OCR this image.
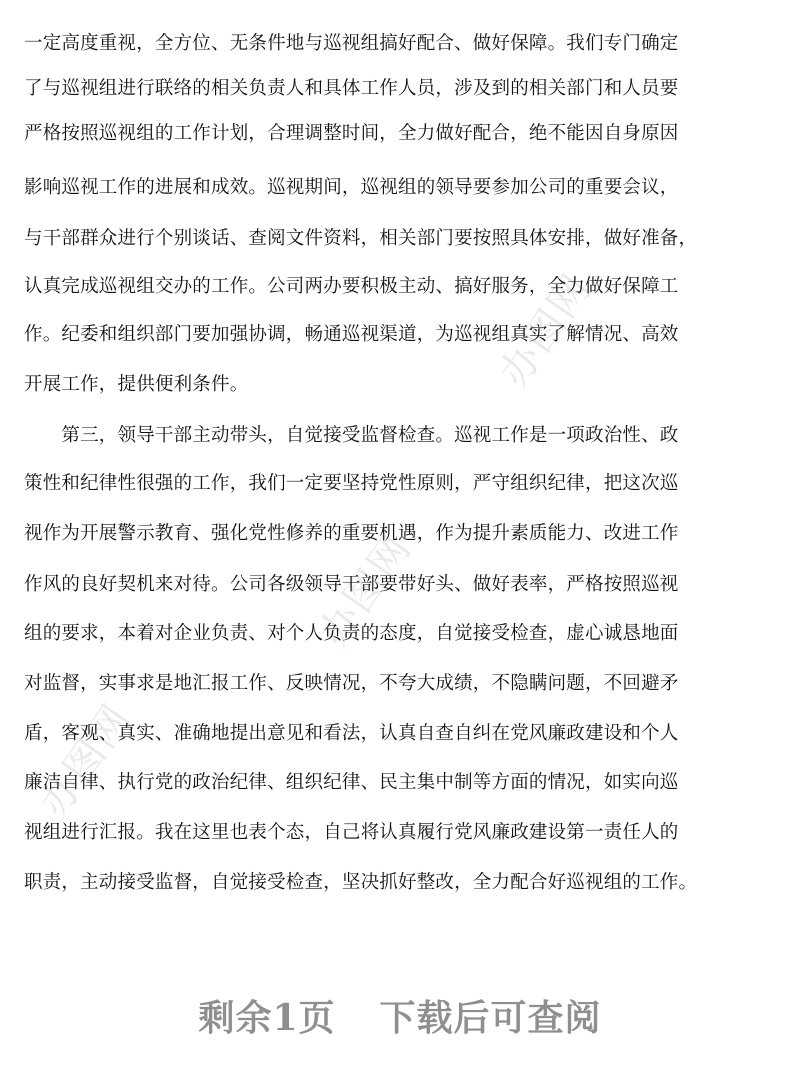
办图网
办图网
办图网
一定高度重视，全方位、无条件地与巡视组搞好配合、做好保障。我们专门确定
了与巡视组进行联络的相关负责人和具体工作人员，涉及到的相关部门和人员要
严格按照巡视组的工作计划，合理调整时间，全力做好配合，绝不能因自身原因
影响巡视工作的进展和成效。巡视期间，巡视组的领导要参加公司的重要会议，
与干部群众进行个别谈话、查阅文件资料，相关部门要按照具体安排，做好准备，
认真完成巡视组交办的工作。公司两办要积极主动、搞好服务，全力做好保障工
作。纪委和组织部门要加强协调，畅通巡视渠道，为巡视组真实了解情况、高效
开展工作，提供便利条件。
　　第三，领导干部主动带头，自觉接受监督检查。巡视工作是一项政治性、政
策性和纪律性很强的工作，我们一定要坚持党性原则，严守组织纪律，把这次巡
视作为开展警示教育、强化党性修养的重要机遇，作为提升素质能力、改进工作
作风的良好契机来对待。公司各级领导干部要带好头、做好表率，严格按照巡视
组的要求，本着对企业负责、对个人负责的态度，自觉接受检查，虚心诚恳地面
对监督，实事求是地汇报工作、反映情况，不夸大成绩，不隐瞒问题，不回避矛
盾，客观、真实、准确地提出意见和看法，认真自查自纠在党风廉政建设和个人
廉洁自律、执行党的政治纪律、组织纪律、民主集中制等方面的情况，如实向巡
视组进行汇报。我在这里也表个态，自己将认真履行党风廉政建设第一责任人的
职责，主动接受监督，自觉接受检查，坚决抓好整改，全力配合好巡视组的工作。
剩余1页 下载后可查阅
